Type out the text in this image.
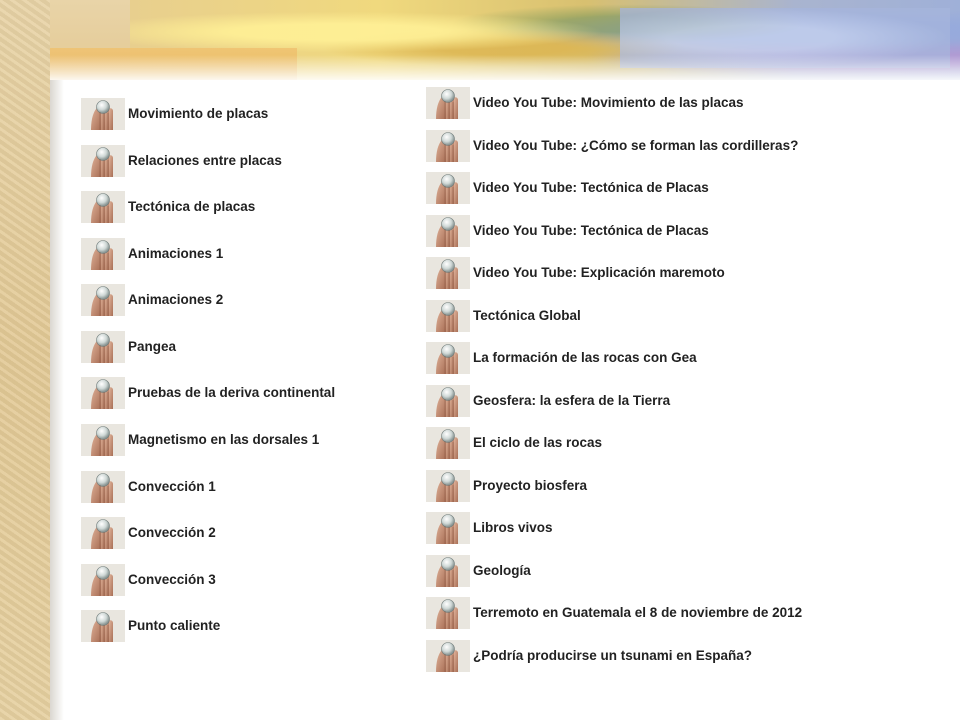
Movimiento de placas
Relaciones entre placas
Tectónica de placas
Animaciones 1
Animaciones 2
Pangea
Pruebas de la deriva continental
Magnetismo en las dorsales 1
Convección 1
Convección 2
Convección 3
Punto caliente
Video You Tube: Movimiento de las placas
Video You Tube: ¿Cómo se forman las cordilleras?
Video You Tube: Tectónica de Placas
Video You Tube: Tectónica de Placas
Video You Tube: Explicación maremoto
Tectónica Global
La formación de las rocas con Gea
Geosfera: la esfera de la Tierra
El ciclo de las rocas
Proyecto biosfera
Libros vivos
Geología
Terremoto en Guatemala el 8 de noviembre de 2012
¿Podría producirse un tsunami en España?
